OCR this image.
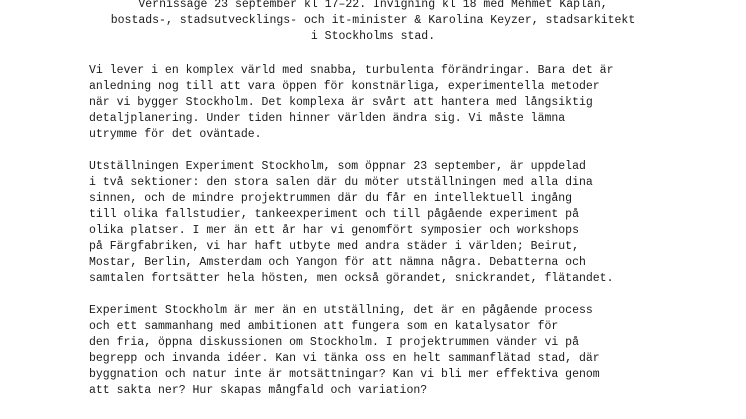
Vernissage 23 september kl 17–22. Invigning kl 18 med Mehmet Kaplan,
bostads-, stadsutvecklings- och it-minister & Karolina Keyzer, stadsarkitekt
i Stockholms stad.
Vi lever i en komplex värld med snabba, turbulenta förändringar. Bara det är
anledning nog till att vara öppen för konstnärliga, experimentella metoder
när vi bygger Stockholm. Det komplexa är svårt att hantera med långsiktig
detaljplanering. Under tiden hinner världen ändra sig. Vi måste lämna
utrymme för det oväntade.
Utställningen Experiment Stockholm, som öppnar 23 september, är uppdelad
i två sektioner: den stora salen där du möter utställningen med alla dina
sinnen, och de mindre projektrummen där du får en intellektuell ingång
till olika fallstudier, tankeexperiment och till pågående experiment på
olika platser. I mer än ett år har vi genomfört symposier och workshops
på Färgfabriken, vi har haft utbyte med andra städer i världen; Beirut,
Mostar, Berlin, Amsterdam och Yangon för att nämna några. Debatterna och
samtalen fortsätter hela hösten, men också görandet, snickrandet, flätandet.
Experiment Stockholm är mer än en utställning, det är en pågående process
och ett sammanhang med ambitionen att fungera som en katalysator för
den fria, öppna diskussionen om Stockholm. I projektrummen vänder vi på
begrepp och invanda idéer. Kan vi tänka oss en helt sammanflätad stad, där
byggnation och natur inte är motsättningar? Kan vi bli mer effektiva genom
att sakta ner? Hur skapas mångfald och variation?
